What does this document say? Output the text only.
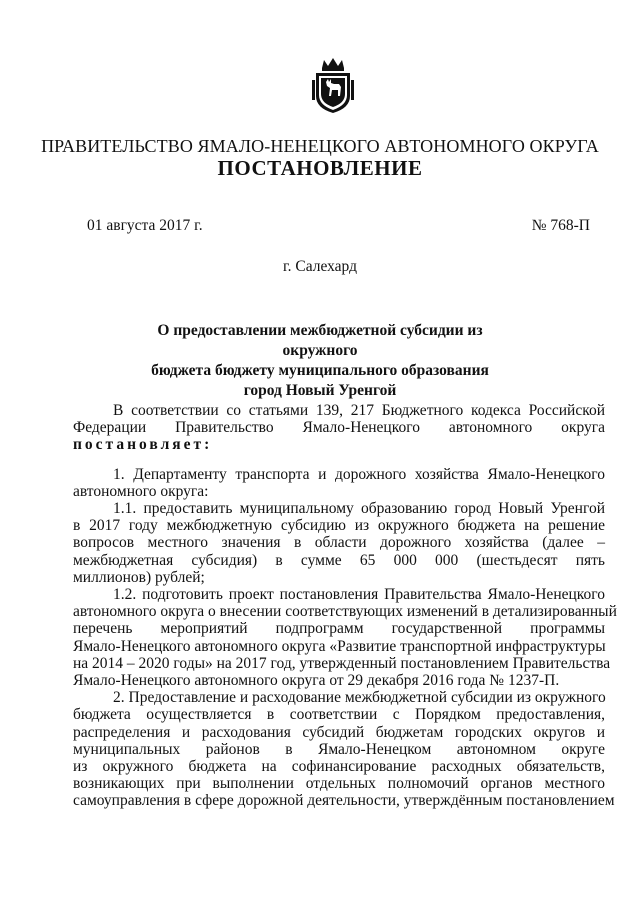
ПРАВИТЕЛЬСТВО ЯМАЛО-НЕНЕЦКОГО АВТОНОМНОГО ОКРУГА
ПОСТАНОВЛЕНИЕ
01 августа 2017 г.	№ 768-П
г. Салехард
О предоставлении межбюджетной субсидии из окружного
бюджета бюджету муниципального образования
город Новый Уренгой
В соответствии со статьями 139, 217 Бюджетного кодекса Российской
Федерации Правительство Ямало-Ненецкого автономного округа
постановляет:
1. Департаменту транспорта и дорожного хозяйства Ямало-Ненецкого
автономного округа:
1.1. предоставить муниципальному образованию город Новый Уренгой
в 2017 году межбюджетную субсидию из окружного бюджета на решение
вопросов местного значения в области дорожного хозяйства (далее –
межбюджетная субсидия) в сумме 65 000 000 (шестьдесят пять
миллионов) рублей;
1.2. подготовить проект постановления Правительства Ямало-Ненецкого
автономного округа о внесении соответствующих изменений в детализированный
перечень мероприятий подпрограмм государственной программы
Ямало-Ненецкого автономного округа «Развитие транспортной инфраструктуры
на 2014 – 2020 годы» на 2017 год, утвержденный постановлением Правительства
Ямало-Ненецкого автономного округа от 29 декабря 2016 года № 1237-П.
2. Предоставление и расходование межбюджетной субсидии из окружного
бюджета осуществляется в соответствии с Порядком предоставления,
распределения и расходования субсидий бюджетам городских округов и
муниципальных районов в Ямало-Ненецком автономном округе
из окружного бюджета на софинансирование расходных обязательств,
возникающих при выполнении отдельных полномочий органов местного
самоуправления в сфере дорожной деятельности, утверждённым постановлением
